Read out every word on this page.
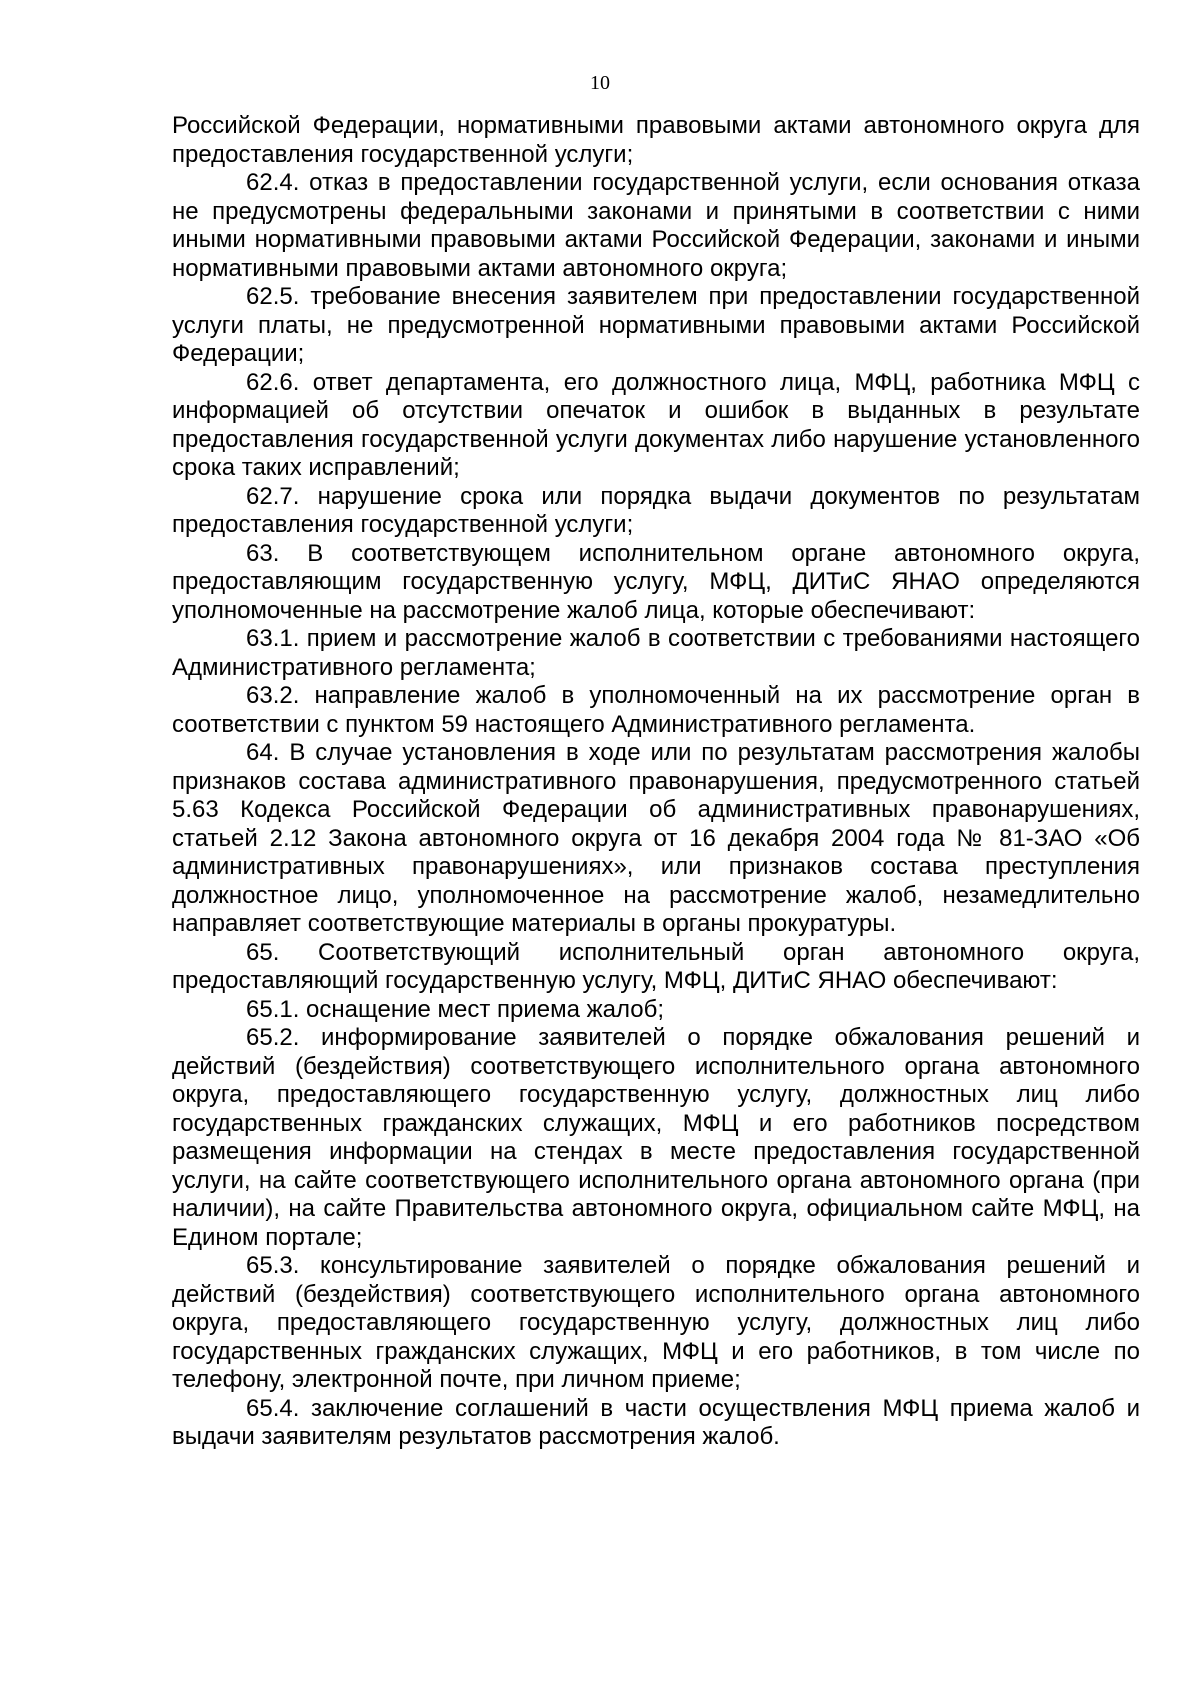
10

Российской Федерации, нормативными правовыми актами автономного округа для предоставления государственной услуги;

62.4. отказ в предоставлении государственной услуги, если основания отказа не предусмотрены федеральными законами и принятыми в соответствии с ними иными нормативными правовыми актами Российской Федерации, законами и иными нормативными правовыми актами автономного округа;

62.5. требование внесения заявителем при предоставлении государственной услуги платы, не предусмотренной нормативными правовыми актами Российской Федерации;

62.6. ответ департамента, его должностного лица, МФЦ, работника МФЦ с информацией об отсутствии опечаток и ошибок в выданных в результате предоставления государственной услуги документах либо нарушение установленного срока таких исправлений;

62.7. нарушение срока или порядка выдачи документов по результатам предоставления государственной услуги;

63. В соответствующем исполнительном органе автономного округа, предоставляющим государственную услугу, МФЦ, ДИТиС ЯНАО определяются уполномоченные на рассмотрение жалоб лица, которые обеспечивают:

63.1. прием и рассмотрение жалоб в соответствии с требованиями настоящего Административного регламента;

63.2. направление жалоб в уполномоченный на их рассмотрение орган в соответствии с пунктом 59 настоящего Административного регламента.

64. В случае установления в ходе или по результатам рассмотрения жалобы признаков состава административного правонарушения, предусмотренного статьей 5.63 Кодекса Российской Федерации об административных правонарушениях, статьей 2.12 Закона автономного округа от 16 декабря 2004 года № 81-ЗАО «Об административных правонарушениях», или признаков состава преступления должностное лицо, уполномоченное на рассмотрение жалоб, незамедлительно направляет соответствующие материалы в органы прокуратуры.

65. Соответствующий исполнительный орган автономного округа, предоставляющий государственную услугу, МФЦ, ДИТиС ЯНАО обеспечивают:

65.1. оснащение мест приема жалоб;

65.2. информирование заявителей о порядке обжалования решений и действий (бездействия) соответствующего исполнительного органа автономного округа, предоставляющего государственную услугу, должностных лиц либо государственных гражданских служащих, МФЦ и его работников посредством размещения информации на стендах в месте предоставления государственной услуги, на сайте соответствующего исполнительного органа автономного органа (при наличии), на сайте Правительства автономного округа, официальном сайте МФЦ, на Едином портале;

65.3. консультирование заявителей о порядке обжалования решений и действий (бездействия) соответствующего исполнительного органа автономного округа, предоставляющего государственную услугу, должностных лиц либо государственных гражданских служащих, МФЦ и его работников, в том числе по телефону, электронной почте, при личном приеме;

65.4. заключение соглашений в части осуществления МФЦ приема жалоб и выдачи заявителям результатов рассмотрения жалоб.
